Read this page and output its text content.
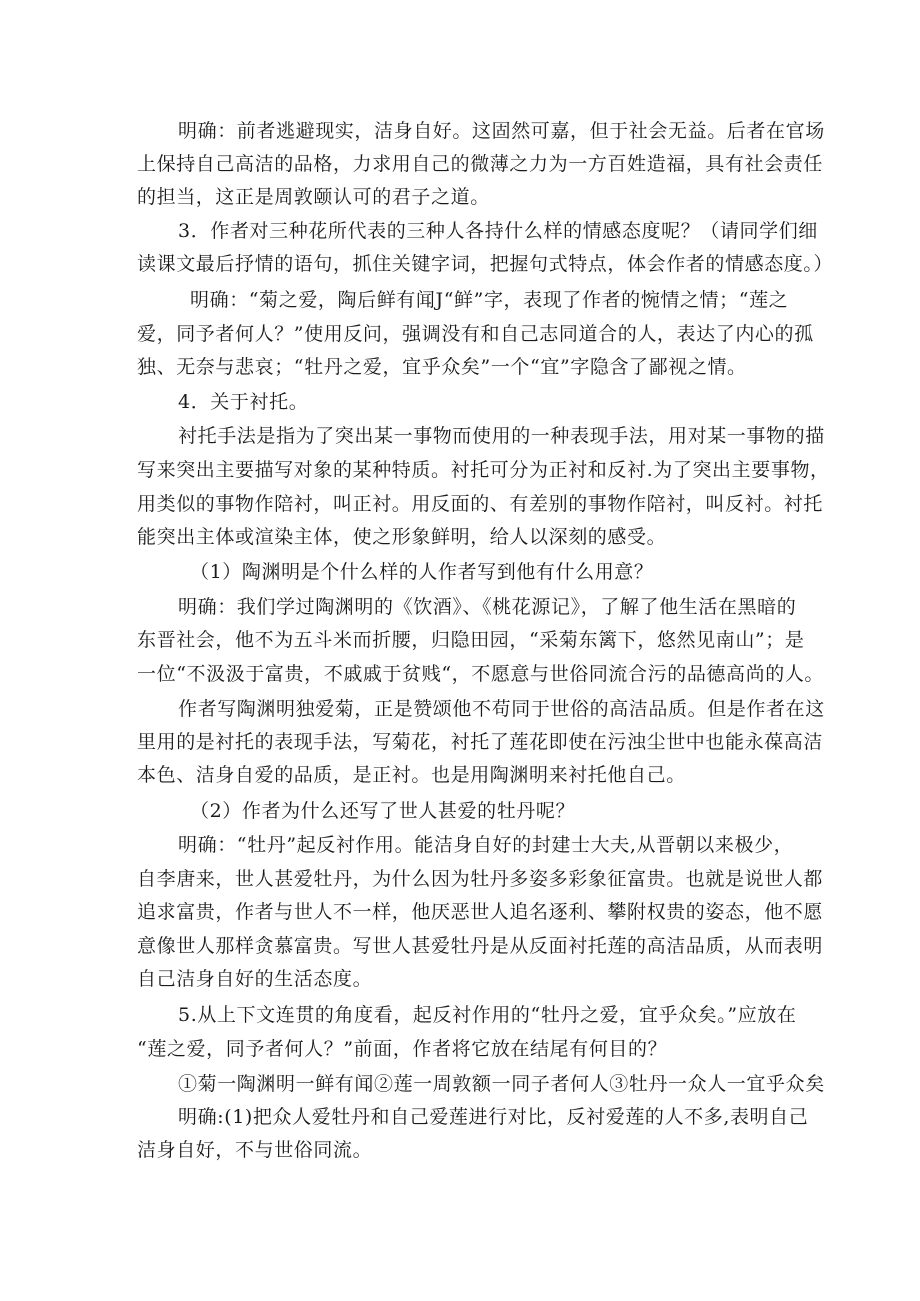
明确：前者逃避现实，洁身自好。这固然可嘉，但于社会无益。后者在官场
上保持自己高洁的品格，力求用自己的微薄之力为一方百姓造福，具有社会责任
的担当，这正是周敦颐认可的君子之道。
3．作者对三种花所代表的三种人各持什么样的情感态度呢？（请同学们细
读课文最后抒情的语句，抓住关键字词，把握句式特点，体会作者的情感态度。）
明确：“菊之爱，陶后鲜有闻J“鲜”字，表现了作者的惋情之情；“莲之
爱，同予者何人？”使用反问，强调没有和自己志同道合的人，表达了内心的孤
独、无奈与悲哀；“牡丹之爱，宜乎众矣”一个“宜”字隐含了鄙视之情。
4．关于衬托。
衬托手法是指为了突出某一事物而使用的一种表现手法，用对某一事物的描
写来突出主要描写对象的某种特质。衬托可分为正衬和反衬.为了突出主要事物，
用类似的事物作陪衬，叫正衬。用反面的、有差别的事物作陪衬，叫反衬。衬托
能突出主体或渲染主体，使之形象鲜明，给人以深刻的感受。
（1）陶渊明是个什么样的人作者写到他有什么用意？
明确：我们学过陶渊明的《饮酒》、《桃花源记》，了解了他生活在黑暗的
东晋社会，他不为五斗米而折腰，归隐田园，“采菊东篱下，悠然见南山”；是
一位“不汲汲于富贵，不戚戚于贫贱“，不愿意与世俗同流合污的品德高尚的人。
作者写陶渊明独爱菊，正是赞颂他不苟同于世俗的高洁品质。但是作者在这
里用的是衬托的表现手法，写菊花，衬托了莲花即使在污浊尘世中也能永葆高洁
本色、洁身自爱的品质，是正衬。也是用陶渊明来衬托他自己。
（2）作者为什么还写了世人甚爱的牡丹呢？
明确：“牡丹”起反衬作用。能洁身自好的封建士大夫,从晋朝以来极少，
自李唐来，世人甚爱牡丹，为什么因为牡丹多姿多彩象征富贵。也就是说世人都
追求富贵，作者与世人不一样，他厌恶世人追名逐利、攀附权贵的姿态，他不愿
意像世人那样贪慕富贵。写世人甚爱牡丹是从反面衬托莲的高洁品质，从而表明
自己洁身自好的生活态度。
5.从上下文连贯的角度看，起反衬作用的“牡丹之爱，宜乎众矣。”应放在
“莲之爱，同予者何人？”前面，作者将它放在结尾有何目的？
①菊一陶渊明一鲜有闻②莲一周敦额一同子者何人③牡丹一众人一宜乎众矣
明确:(1)把众人爱牡丹和自己爱莲进行对比，反衬爱莲的人不多,表明自己
洁身自好，不与世俗同流。
